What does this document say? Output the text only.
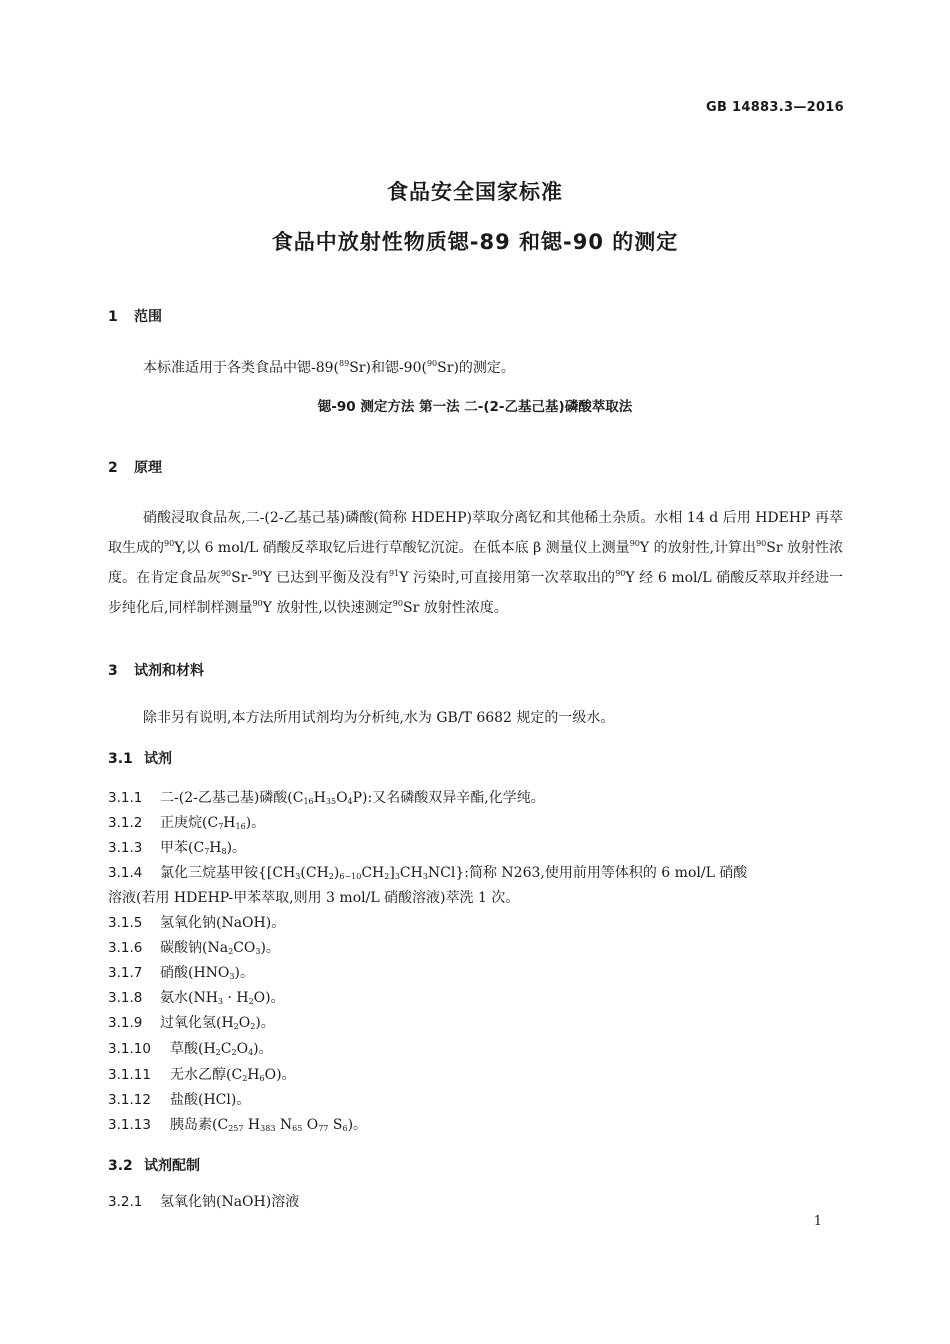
GB 14883.3—2016
食品安全国家标准
食品中放射性物质锶-89 和锶-90 的测定
1 范围
本标准适用于各类食品中锶-89($^{89}$Sr)和锶-90($^{90}$Sr)的测定。
锶-90 测定方法 第一法 二-(2-乙基己基)磷酸萃取法
2 原理
硝酸浸取食品灰,二-(2-乙基己基)磷酸(简称 HDEHP)萃取分离钇和其他稀土杂质。水相 14 d 后用 HDEHP 再萃取生成的$^{90}$Y,以 6 mol/L 硝酸反萃取钇后进行草酸钇沉淀。在低本底 β 测量仪上测量$^{90}$Y 的放射性,计算出$^{90}$Sr 放射性浓度。在肯定食品灰$^{90}$Sr-$^{90}$Y 已达到平衡及没有$^{91}$Y 污染时,可直接用第一次萃取出的$^{90}$Y 经 6 mol/L 硝酸反萃取并经进一步纯化后,同样制样测量$^{90}$Y 放射性,以快速测定$^{90}$Sr 放射性浓度。
3 试剂和材料
除非另有说明,本方法所用试剂均为分析纯,水为 GB/T 6682 规定的一级水。
3.1 试剂
3.1.1 二-(2-乙基己基)磷酸$(C_{16}H_{35}O_4P)$:又名磷酸双异辛酯,化学纯。
3.1.2 正庚烷$(C_7H_{16})$。
3.1.3 甲苯$(C_7H_8)$。
3.1.4 氯化三烷基甲铵$\{[CH_3(CH_2)_{6\sim 10}CH_2]_3CH_3NCl\}$:简称 N263,使用前用等体积的 6 mol/L 硝酸
溶液(若用 HDEHP-甲苯萃取,则用 3 mol/L 硝酸溶液)萃洗 1 次。
3.1.5 氢氧化钠(NaOH)。
3.1.6 碳酸钠$(Na_2CO_3)$。
3.1.7 硝酸$(HNO_3)$。
3.1.8 氨水$(NH_3 \cdot H_2O)$。
3.1.9 过氧化氢$(H_2O_2)$。
3.1.10 草酸$(H_2C_2O_4)$。
3.1.11 无水乙醇$(C_2H_6O)$。
3.1.12 盐酸(HCl)。
3.1.13 胰岛素($C_{257}$ $H_{383}$ $N_{65}$ $O_{77}$ $S_6$)。
3.2 试剂配制
3.2.1 氢氧化钠(NaOH)溶液
1
